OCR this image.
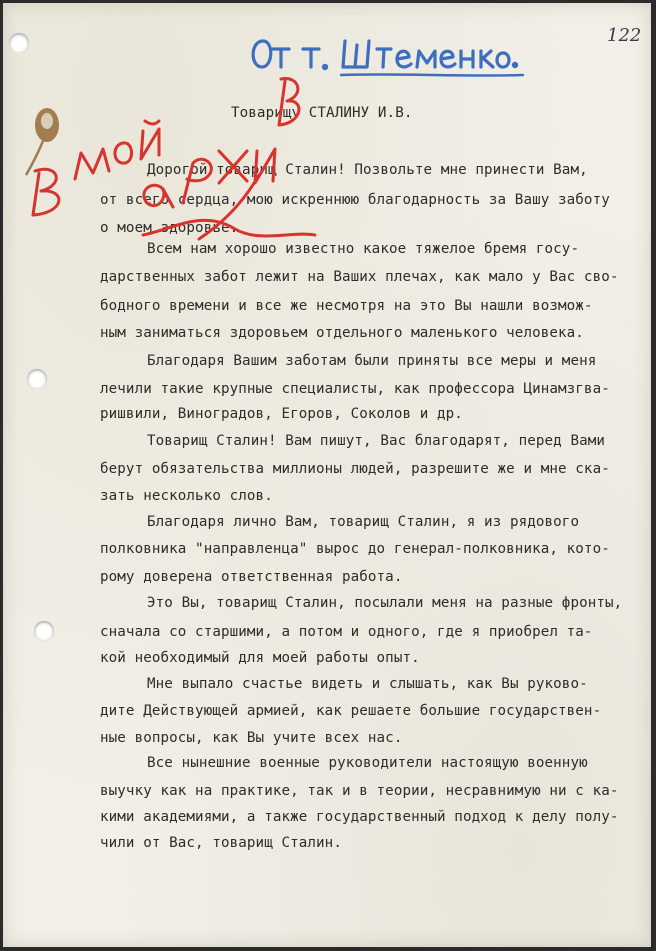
122
Товарищу СТАЛИНУ И.В.
Дорогой товарищ Сталин! Позвольте мне принести Вам,
от всего сердца, мою искреннюю благодарность за Вашу заботу
о моем здоровье.
Всем нам хорошо известно какое тяжелое бремя госу-
дарственных забот лежит на Ваших плечах, как мало у Вас сво-
бодного времени и все же несмотря на это Вы нашли возмож-
ным заниматься здоровьем отдельного маленького человека.
Благодаря Вашим заботам были приняты все меры и меня
лечили такие крупные специалисты, как профессора Цинамзгва-
ришвили, Виноградов, Егоров, Соколов и др.
Товарищ Сталин! Вам пишут, Вас благодарят, перед Вами
берут обязательства миллионы людей, разрешите же и мне ска-
зать несколько слов.
Благодаря лично Вам, товарищ Сталин, я из рядового
полковника "направленца" вырос до генерал-полковника, кото-
рому доверена ответственная работа.
Это Вы, товарищ Сталин, посылали меня на разные фронты,
сначала со старшими, а потом и одного, где я приобрел та-
кой необходимый для моей работы опыт.
Мне выпало счастье видеть и слышать, как Вы руково-
дите Действующей армией, как решаете большие государствен-
ные вопросы, как Вы учите всех нас.
Все нынешние военные руководители настоящую военную
выучку как на практике, так и в теории, несравнимую ни с ка-
кими академиями, а также государственный подход к делу полу-
чили от Вас, товарищ Сталин.
